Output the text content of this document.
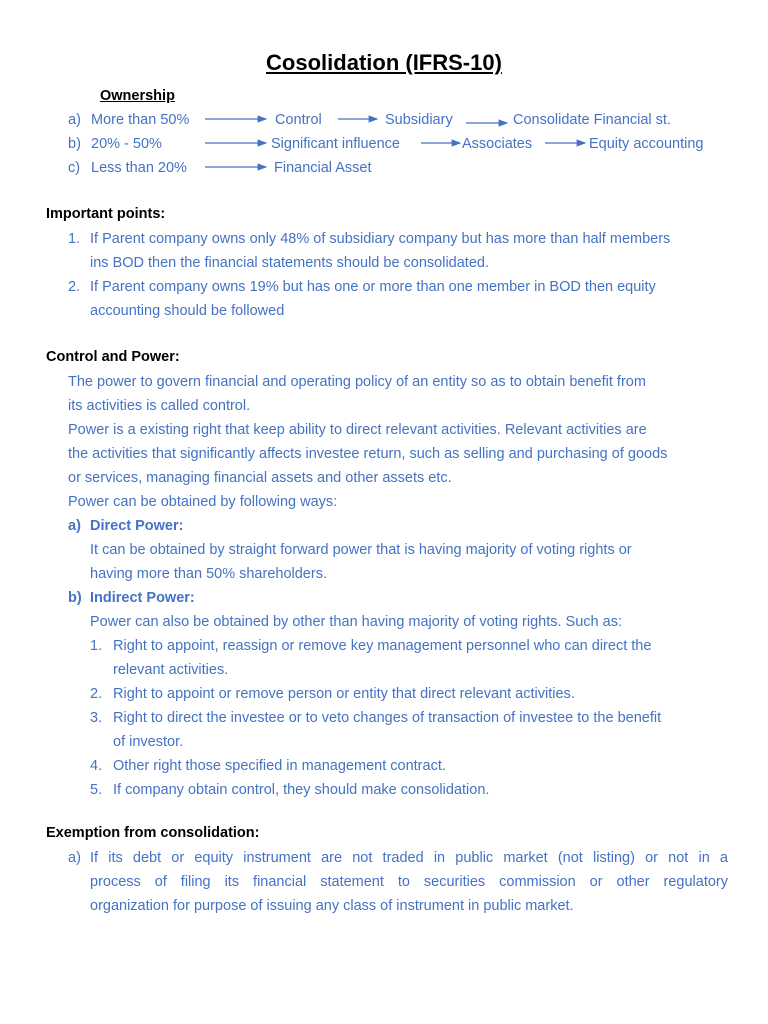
Cosolidation (IFRS-10)
Ownership
a) More than 50%	Control	Subsidiary	Consolidate Financial st.
b) 20% - 50%	Significant influence	Associates	Equity accounting
c) Less than 20%	Financial Asset
Important points:
1. If Parent company owns only 48% of subsidiary company but has more than half members
ins BOD then the financial statements should be consolidated.
2. If Parent company owns 19% but has one or more than one member in BOD then equity
accounting should be followed
Control and Power:
The power to govern financial and operating policy of an entity so as to obtain benefit from
its activities is called control.
Power is a existing right that keep ability to direct relevant activities. Relevant activities are
the activities that significantly affects investee return, such as selling and purchasing of goods
or services, managing financial assets and other assets etc.
Power can be obtained by following ways:
a) Direct Power:
It can be obtained by straight forward power that is having majority of voting rights or
having more than 50% shareholders.
b) Indirect Power:
Power can also be obtained by other than having majority of voting rights. Such as:
1. Right to appoint, reassign or remove key management personnel who can direct the
relevant activities.
2. Right to appoint or remove person or entity that direct relevant activities.
3. Right to direct the investee or to veto changes of transaction of investee to the benefit
of investor.
4. Other right those specified in management contract.
5. If company obtain control, they should make consolidation.
Exemption from consolidation:
a) If its debt or equity instrument are not traded in public market (not listing) or not in a
process of filing its financial statement to securities commission or other regulatory
organization for purpose of issuing any class of instrument in public market.
